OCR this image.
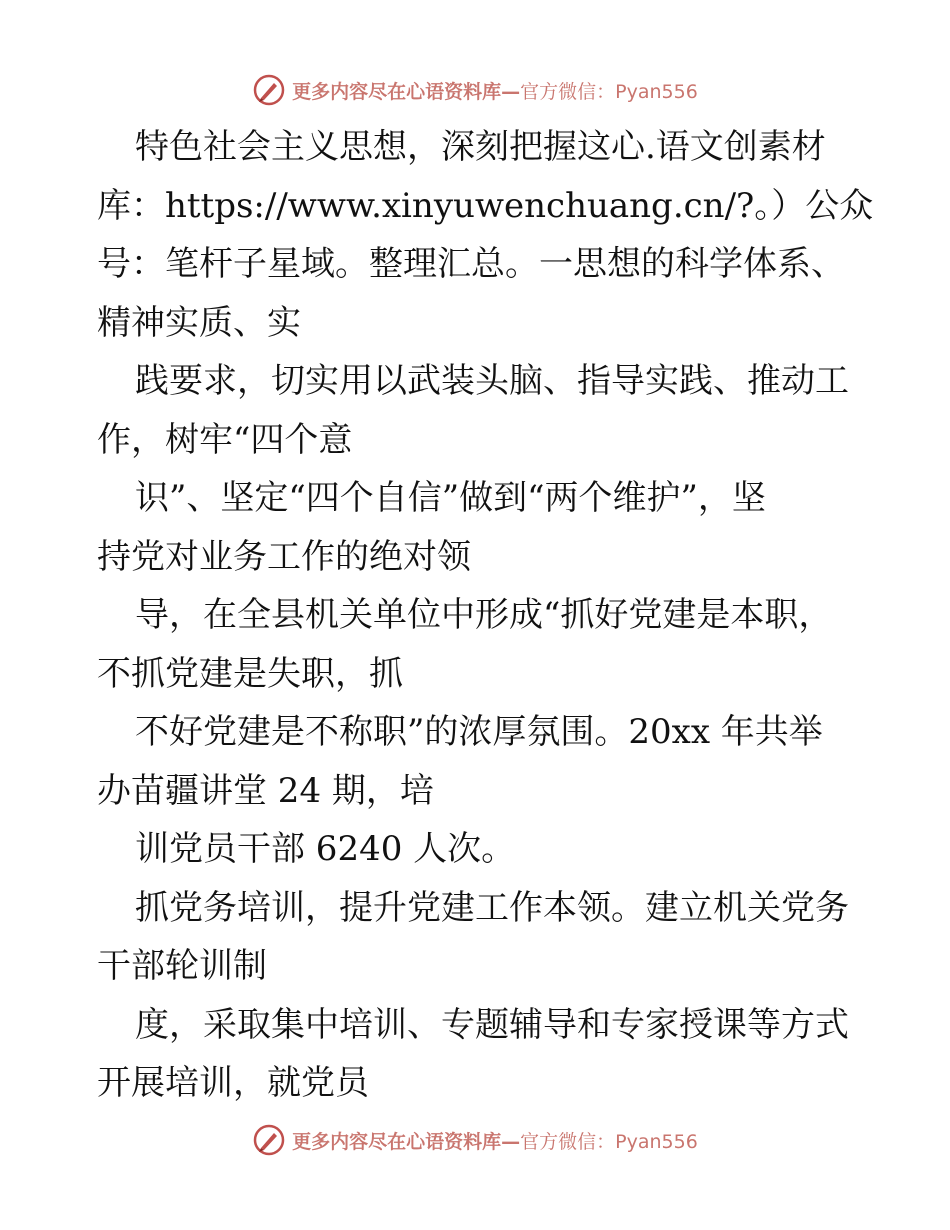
更多内容尽在心语资料库— 官方微信：Pyan556
特色社会主义思想，深刻把握这心.语文创素材
库：https://www.xinyuwenchuang.cn/?。）公众
号：笔杆子星域。整理汇总。一思想的科学体系、
精神实质、实
践要求，切实用以武装头脑、指导实践、推动工
作，树牢“四个意
识”、坚定“四个自信”做到“两个维护”，坚
持党对业务工作的绝对领
导，在全县机关单位中形成“抓好党建是本职，
不抓党建是失职，抓
不好党建是不称职”的浓厚氛围。20xx 年共举
办苗疆讲堂 24 期，培
训党员干部 6240 人次。
抓党务培训，提升党建工作本领。建立机关党务
干部轮训制
度，采取集中培训、专题辅导和专家授课等方式
开展培训，就党员
更多内容尽在心语资料库— 官方微信：Pyan556
